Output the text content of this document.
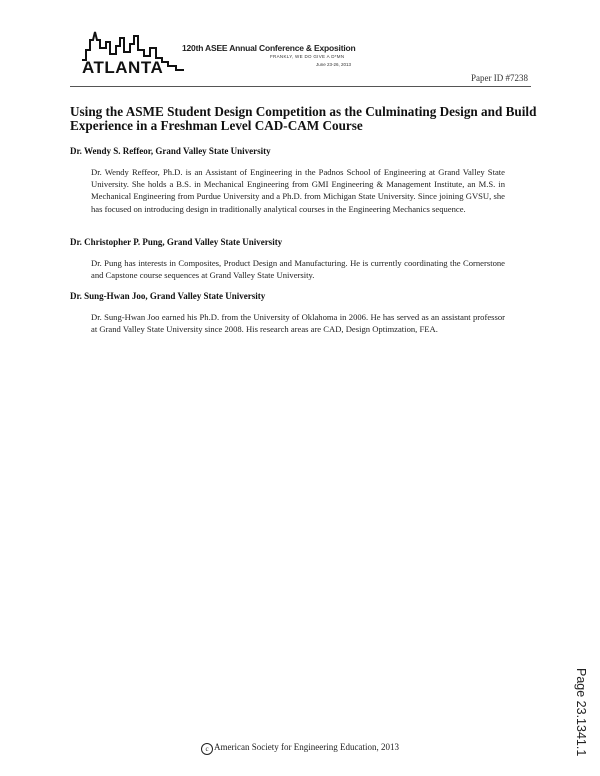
ATLANTA
120th ASEE Annual Conference & Exposition
FRANKLY, WE DO GIVE A D*MN
June 23-26, 2013
Paper ID #7238
Using the ASME Student Design Competition as the Culminating Design and Build Experience in a Freshman Level CAD-CAM Course
Dr. Wendy S. Reffeor, Grand Valley State University

Dr. Wendy Reffeor, Ph.D. is an Assistant of Engineering in the Padnos School of Engineering at Grand Valley State University. She holds a B.S. in Mechanical Engineering from GMI Engineering & Management Institute, an M.S. in Mechanical Engineering from Purdue University and a Ph.D. from Michigan State University. Since joining GVSU, she has focused on introducing design in traditionally analytical courses in the Engineering Mechanics sequence.

Dr. Christopher P. Pung, Grand Valley State University

Dr. Pung has interests in Composites, Product Design and Manufacturing. He is currently coordinating the Cornerstone and Capstone course sequences at Grand Valley State University.

Dr. Sung-Hwan Joo, Grand Valley State University

Dr. Sung-Hwan Joo earned his Ph.D. from the University of Oklahoma in 2006. He has served as an assistant professor at Grand Valley State University since 2008. His research areas are CAD, Design Optimzation, FEA.

Page 23.1341.1
c American Society for Engineering Education, 2013
